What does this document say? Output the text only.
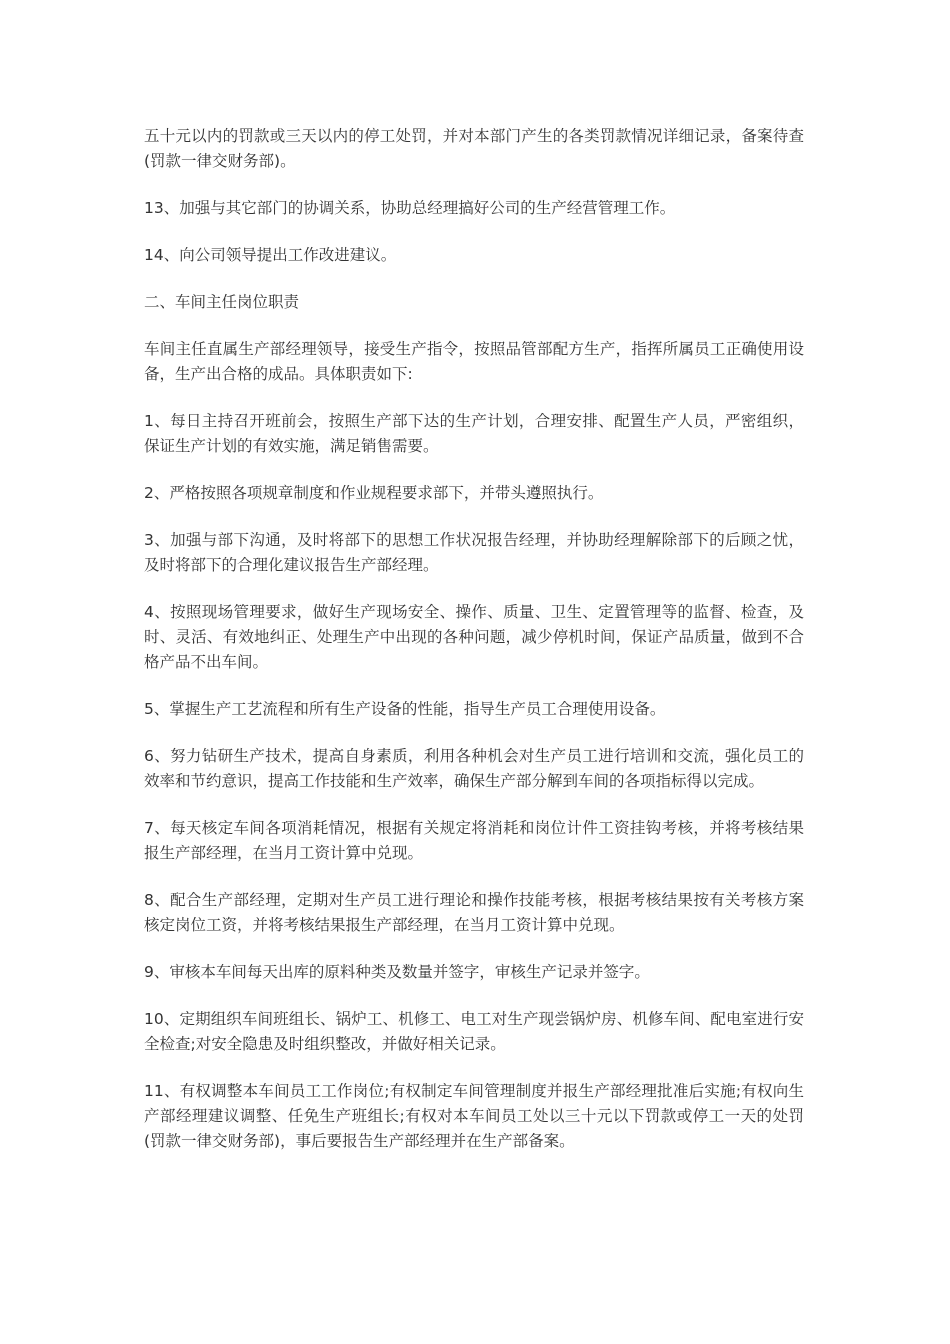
五十元以内的罚款或三天以内的停工处罚，并对本部门产生的各类罚款情况详细记录，备案待查(罚款一律交财务部)。

13、加强与其它部门的协调关系，协助总经理搞好公司的生产经营管理工作。

14、向公司领导提出工作改进建议。

二、车间主任岗位职责

车间主任直属生产部经理领导，接受生产指令，按照品管部配方生产，指挥所属员工正确使用设备，生产出合格的成品。具体职责如下:

1、每日主持召开班前会，按照生产部下达的生产计划，合理安排、配置生产人员，严密组织，保证生产计划的有效实施，满足销售需要。

2、严格按照各项规章制度和作业规程要求部下，并带头遵照执行。

3、加强与部下沟通，及时将部下的思想工作状况报告经理，并协助经理解除部下的后顾之忧，及时将部下的合理化建议报告生产部经理。

4、按照现场管理要求，做好生产现场安全、操作、质量、卫生、定置管理等的监督、检查，及时、灵活、有效地纠正、处理生产中出现的各种问题，减少停机时间，保证产品质量，做到不合格产品不出车间。

5、掌握生产工艺流程和所有生产设备的性能，指导生产员工合理使用设备。

6、努力钻研生产技术，提高自身素质，利用各种机会对生产员工进行培训和交流，强化员工的效率和节约意识，提高工作技能和生产效率，确保生产部分解到车间的各项指标得以完成。

7、每天核定车间各项消耗情况，根据有关规定将消耗和岗位计件工资挂钩考核，并将考核结果报生产部经理，在当月工资计算中兑现。

8、配合生产部经理，定期对生产员工进行理论和操作技能考核，根据考核结果按有关考核方案核定岗位工资，并将考核结果报生产部经理，在当月工资计算中兑现。

9、审核本车间每天出库的原料种类及数量并签字，审核生产记录并签字。

10、定期组织车间班组长、锅炉工、机修工、电工对生产现尝锅炉房、机修车间、配电室进行安全检查;对安全隐患及时组织整改，并做好相关记录。

11、有权调整本车间员工工作岗位;有权制定车间管理制度并报生产部经理批准后实施;有权向生产部经理建议调整、任免生产班组长;有权对本车间员工处以三十元以下罚款或停工一天的处罚(罚款一律交财务部)，事后要报告生产部经理并在生产部备案。
